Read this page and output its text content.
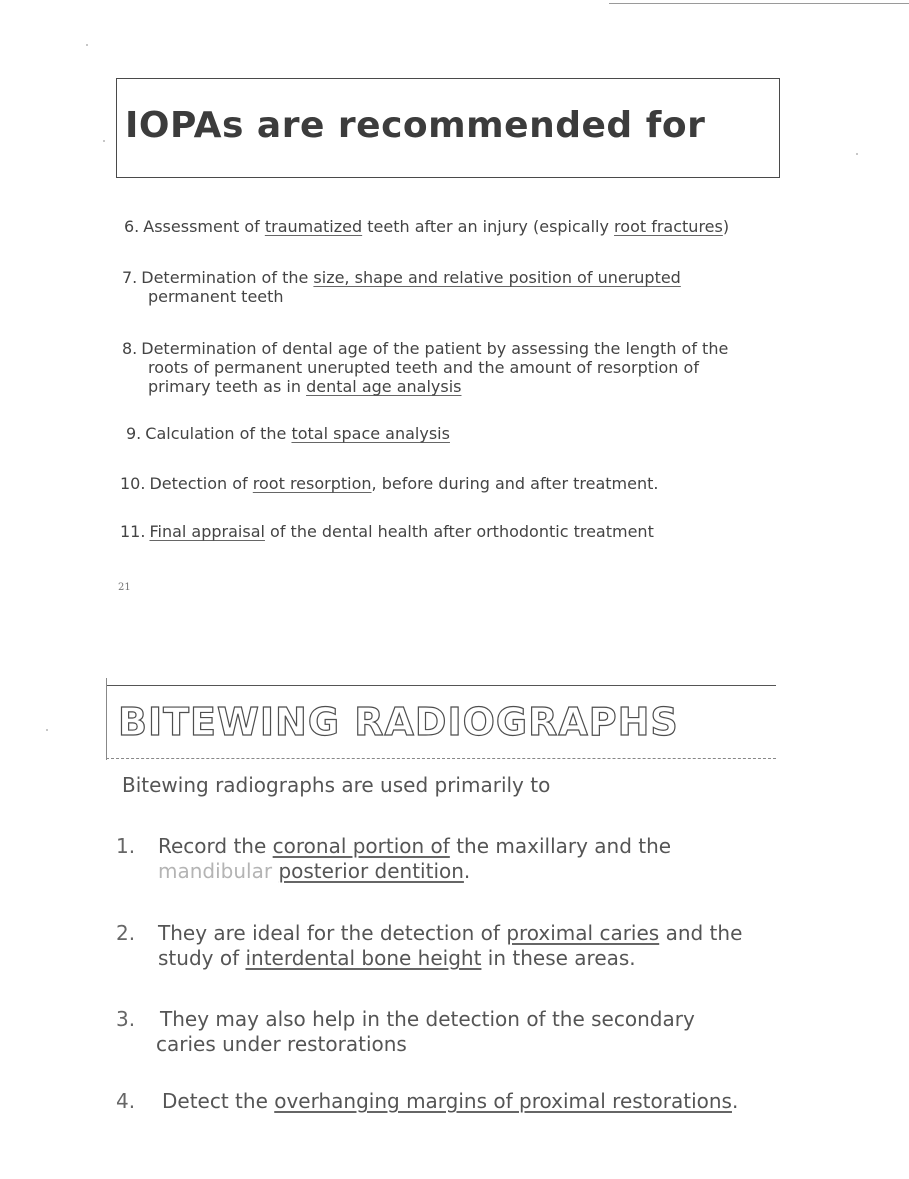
IOPAs are recommended for
6. Assessment of traumatized teeth after an injury (espically root fractures)
7. Determination of the size, shape and relative position of unerupted
permanent teeth
8. Determination of dental age of the patient by assessing the length of the
roots of permanent unerupted teeth and the amount of resorption of
primary teeth as in dental age analysis
9. Calculation of the total space analysis
10. Detection of root resorption, before during and after treatment.
11. Final appraisal of the dental health after orthodontic treatment
21
BITEWING RADIOGRAPHS
Bitewing radiographs are used primarily to
1. Record the coronal portion of the maxillary and the
mandibular posterior dentition.
2. They are ideal for the detection of proximal caries and the
study of interdental bone height in these areas.
3. They may also help in the detection of the secondary
caries under restorations
4. Detect the overhanging margins of proximal restorations.
